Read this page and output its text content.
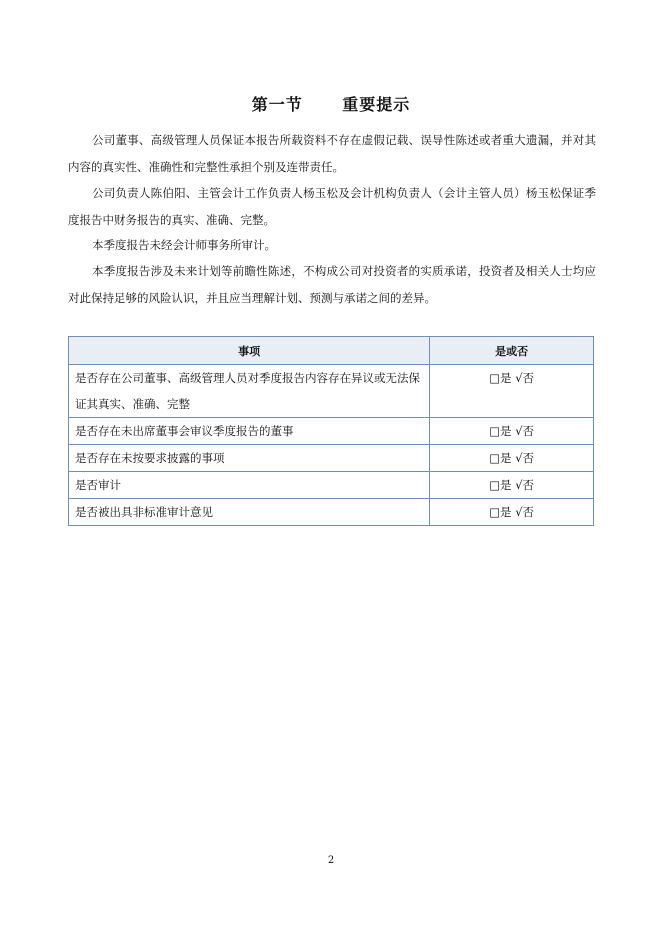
第一节      重要提示

公司董事、高级管理人员保证本报告所载资料不存在虚假记载、误导性陈述或者重大遗漏，并对其内容的真实性、准确性和完整性承担个别及连带责任。

公司负责人陈伯阳、主管会计工作负责人杨玉松及会计机构负责人（会计主管人员）杨玉松保证季度报告中财务报告的真实、准确、完整。

本季度报告未经会计师事务所审计。

本季度报告涉及未来计划等前瞻性陈述，不构成公司对投资者的实质承诺，投资者及相关人士均应对此保持足够的风险认识，并且应当理解计划、预测与承诺之间的差异。

事项	是或否
是否存在公司董事、高级管理人员对季度报告内容存在异议或无法保证其真实、准确、完整	□是 √否
是否存在未出席董事会审议季度报告的董事	□是 √否
是否存在未按要求披露的事项	□是 √否
是否审计	□是 √否
是否被出具非标准审计意见	□是 √否
2
